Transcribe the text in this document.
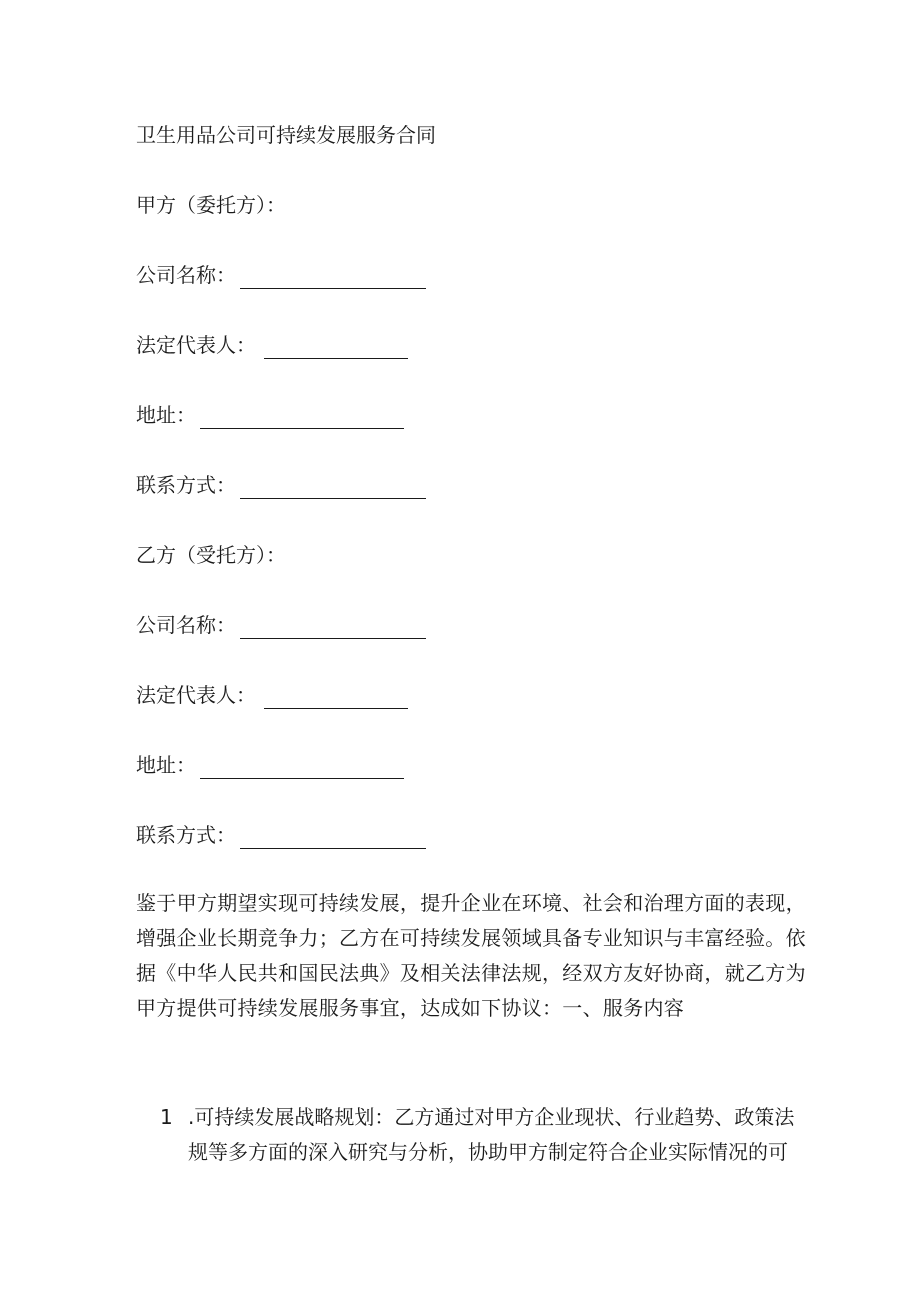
卫生用品公司可持续发展服务合同
甲方（委托方）：
公司名称：
法定代表人：
地址：
联系方式：
乙方（受托方）：
公司名称：
法定代表人：
地址：
联系方式：
鉴于甲方期望实现可持续发展，提升企业在环境、社会和治理方面的表现，增强企业长期竞争力；乙方在可持续发展领域具备专业知识与丰富经验。依据《中华人民共和国民法典》及相关法律法规，经双方友好协商，就乙方为甲方提供可持续发展服务事宜，达成如下协议：一、服务内容
1 .可持续发展战略规划：乙方通过对甲方企业现状、行业趋势、政策法规等多方面的深入研究与分析，协助甲方制定符合企业实际情况的可
